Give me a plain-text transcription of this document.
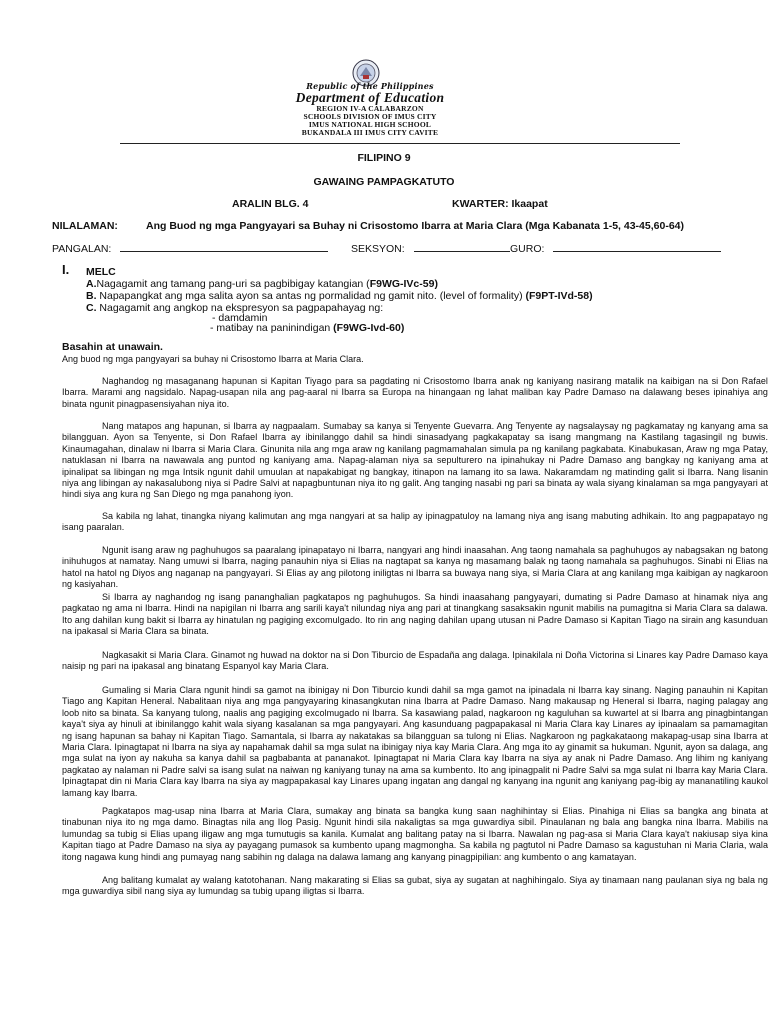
Republic of the Philippines
Department of Education
REGION IV-A CALABARZON
SCHOOLS DIVISION OF IMUS CITY
IMUS NATIONAL HIGH SCHOOL
BUKANDALA III IMUS CITY CAVITE
FILIPINO 9
GAWAING PAMPAGKATUTO
ARALIN BLG. 4	KWARTER: Ikaapat
NILALAMAN:	Ang Buod ng mga Pangyayari sa Buhay ni Crisostomo Ibarra at Maria Clara (Mga Kabanata 1-5, 43-45,60-64)
PANGALAN:	SEKSYON:	GURO:
I. MELC
A.Nagagamit ang tamang pang-uri sa pagbibigay katangian (F9WG-IVc-59)
B. Napapangkat ang mga salita ayon sa antas ng pormalidad ng gamit nito. (level of formality) (F9PT-IVd-58)
C. Nagagamit ang angkop na ekspresyon sa pagpapahayag ng:
- damdamin
- matibay na paninindigan (F9WG-Ivd-60)
Basahin at unawain.
Ang buod ng mga pangyayari sa buhay ni Crisostomo Ibarra at Maria Clara.

Naghandog ng masaganang hapunan si Kapitan Tiyago para sa pagdating ni Crisostomo Ibarra anak ng kaniyang nasirang matalik na kaibigan na si Don Rafael Ibarra. Marami ang nagsidalo. Napag-usapan nila ang pag-aaral ni Ibarra sa Europa na hinangaan ng lahat maliban kay Padre Damaso na dalawang beses ipinahiya ang binata ngunit pinagpasensiyahan niya ito.

Nang matapos ang hapunan, si Ibarra ay nagpaalam. Sumabay sa kanya si Tenyente Guevarra. Ang Tenyente ay nagsalaysay ng pagkamatay ng kanyang ama sa bilangguan. Ayon sa Tenyente, si Don Rafael Ibarra ay ibinilanggo dahil sa hindi sinasadyang pagkakapatay sa isang mangmang na Kastilang tagasingil ng buwis. Kinaumagahan, dinalaw ni Ibarra si Maria Clara. Ginunita nila ang mga araw ng kanilang pagmamahalan simula pa ng kanilang pagkabata. Kinabukasan, Araw ng mga Patay, natuklasan ni Ibarra na nawawala ang puntod ng kaniyang ama. Napag-alaman niya sa sepulturero na ipinahukay ni Padre Damaso ang bangkay ng kaniyang ama at ipinalipat sa libingan ng mga Intsik ngunit dahil umuulan at napakabigat ng bangkay, itinapon na lamang ito sa lawa. Nakaramdam ng matinding galit si Ibarra. Nang lisanin niya ang libingan ay nakasalubong niya si Padre Salvi at napagbuntunan niya ito ng galit. Ang tanging nasabi ng pari sa binata ay wala siyang kinalaman sa mga pangyayari at hindi siya ang kura ng San Diego ng mga panahong iyon.

Sa kabila ng lahat, tinangka niyang kalimutan ang mga nangyari at sa halip ay ipinagpatuloy na lamang niya ang isang mabuting adhikain. Ito ang pagpapatayo ng isang paaralan.

Ngunit isang araw ng paghuhugos sa paaralang ipinapatayo ni Ibarra, nangyari ang hindi inaasahan. Ang taong namahala sa paghuhugos ay nabagsakan ng batong inihuhugos at namatay. Nang umuwi si Ibarra, naging panauhin niya si Elias na nagtapat sa kanya ng masamang balak ng taong namahala sa paghuhugos. Sinabi ni Elias na hatol na hatol ng Diyos ang naganap na pangyayari. Si Elias ay ang pilotong iniligtas ni Ibarra sa buwaya nang siya, si Maria Clara at ang kanilang mga kaibigan ay nagkaroon ng kasiyahan.

Si Ibarra ay naghandog ng isang pananghalian pagkatapos ng paghuhugos. Sa hindi inaasahang pangyayari, dumating si Padre Damaso at hinamak niya ang pagkatao ng ama ni Ibarra. Hindi na napigilan ni Ibarra ang sarili kaya't nilundag niya ang pari at tinangkang sasaksakin ngunit mabilis na pumagitna si Maria Clara sa dalawa. Ito ang dahilan kung bakit si Ibarra ay hinatulan ng pagiging excomulgado. Ito rin ang naging dahilan upang utusan ni Padre Damaso si Kapitan Tiago na sirain ang kasunduan na ipakasal si Maria Clara sa binata.

Nagkasakit si Maria Clara. Ginamot ng huwad na doktor na si Don Tiburcio de Espadaña ang dalaga. Ipinakilala ni Doña Victorina si Linares kay Padre Damaso kaya naisip ng pari na ipakasal ang binatang Espanyol kay Maria Clara.

Gumaling si Maria Clara ngunit hindi sa gamot na ibinigay ni Don Tiburcio kundi dahil sa mga gamot na ipinadala ni Ibarra kay sinang. Naging panauhin ni Kapitan Tiago ang Kapitan Heneral. Nabalitaan niya ang mga pangyayaring kinasangkutan nina Ibarra at Padre Damaso. Nang makausap ng Heneral si Ibarra, naging palagay ang loob nito sa binata. Sa kanyang tulong, naalis ang pagiging excolmugado ni Ibarra. Sa kasawiang palad, nagkaroon ng kaguluhan sa kuwartel at si Ibarra ang pinagbintangan kaya't siya ay hinuli at ibinilanggo kahit wala siyang kasalanan sa mga pangyayari. Ang kasunduang pagpapakasal ni Maria Clara kay Linares ay ipinaalam sa pamamagitan ng isang hapunan sa bahay ni Kapitan Tiago. Samantala, si Ibarra ay nakatakas sa bilangguan sa tulong ni Elias. Nagkaroon ng pagkakataong makapag-usap sina Ibarra at Maria Clara. Ipinagtapat ni Ibarra na siya ay napahamak dahil sa mga sulat na ibinigay niya kay Maria Clara. Ang mga ito ay ginamit sa hukuman. Ngunit, ayon sa dalaga, ang mga sulat na iyon ay nakuha sa kanya dahil sa pagbabanta at pananakot. Ipinagtapat ni Maria Clara kay Ibarra na siya ay anak ni Padre Damaso. Ang lihim ng kaniyang pagkatao ay nalaman ni Padre salvi sa isang sulat na naiwan ng kaniyang tunay na ama sa kumbento. Ito ang ipinagpalit ni Padre Salvi sa mga sulat ni Ibarra kay Maria Clara. Ipinagtapat din ni Maria Clara kay Ibarra na siya ay magpapakasal kay Linares upang ingatan ang dangal ng kanyang ina ngunit ang kaniyang pag-ibig ay mananatiling kaukol lamang kay Ibarra.

Pagkatapos mag-usap nina Ibarra at Maria Clara, sumakay ang binata sa bangka kung saan naghihintay si Elias. Pinahiga ni Elias sa bangka ang binata at tinabunan niya ito ng mga damo. Binagtas nila ang Ilog Pasig. Ngunit hindi sila nakaligtas sa mga guwardiya sibil. Pinaulanan ng bala ang bangka nina Ibarra. Mabilis na lumundag sa tubig si Elias upang iligaw ang mga tumutugis sa kanila. Kumalat ang balitang patay na si Ibarra. Nawalan ng pag-asa si Maria Clara kaya't nakiusap siya kina Kapitan tiago at Padre Damaso na siya ay payagang pumasok sa kumbento upang magmongha. Sa kabila ng pagtutol ni Padre Damaso sa kagustuhan ni Maria Claria, wala itong nagawa kung hindi ang pumayag nang sabihin ng dalaga na dalawa lamang ang kanyang pinagpipilian: ang kumbento o ang kamatayan.

Ang balitang kumalat ay walang katotohanan. Nang makarating si Elias sa gubat, siya ay sugatan at naghihingalo. Siya ay tinamaan nang paulanan siya ng bala ng mga guwardiya sibil nang siya ay lumundag sa tubig upang iligtas si Ibarra.
